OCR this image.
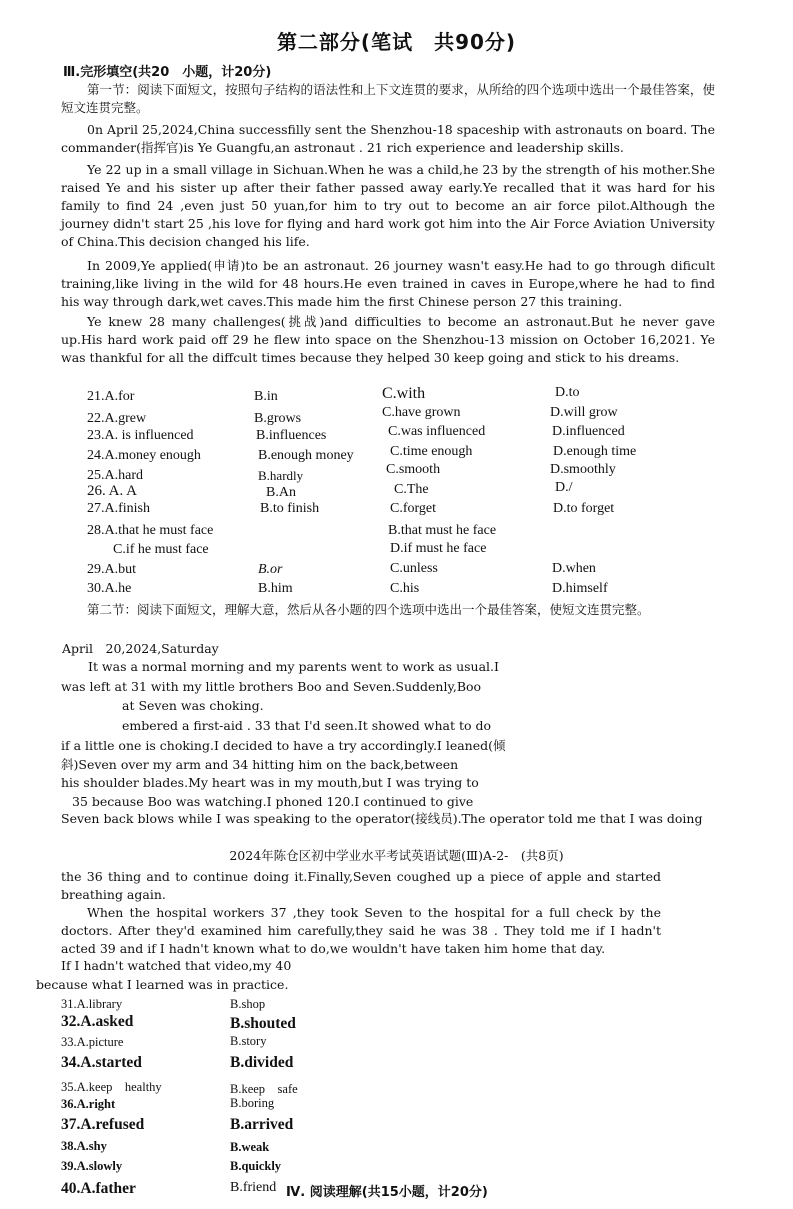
第二部分(笔试　共90分)
Ⅲ.完形填空(共20　小题，计20分)
第一节：阅读下面短文，按照句子结构的语法性和上下文连贯的要求，从所给的四个选项中选出一个最佳答案，使短文连贯完整。
0n April 25,2024,China successfilly sent the Shenzhou-18 spaceship with astronauts on board. The commander(指挥官)is Ye Guangfu,an astronaut . 21 rich experience and leadership skills.
Ye 22 up in a small village in Sichuan.When he was a child,he 23 by the strength of his mother.She raised Ye and his sister up after their father passed away early.Ye recalled that it was hard for his family to find 24 ,even just 50 yuan,for him to try out to become an air force pilot.Although the journey didn't start 25 ,his love for flying and hard work got him into the Air Force Aviation University of China.This decision changed his life.
In 2009,Ye applied(申请)to be an astronaut. 26 journey wasn't easy.He had to go through dificult training,like living in the wild for 48 hours.He even trained in caves in Europe,where he had to find his way through dark,wet caves.This made him the first Chinese person 27 this training.
Ye knew 28 many challenges(挑战)and difficulties to become an astronaut.But he never gave up.His hard work paid off 29 he flew into space on the Shenzhou-13 mission on October 16,2021. Ye was thankful for all the diffcult times because they helped 30 keep going and stick to his dreams.
21.A.for	B.in	C.with	D.to
22.A.grew	B.grows	C.have grown	D.will grow
23.A. is influenced	B.influences	C.was influenced	D.influenced
24.A.money enough	B.enough money	C.time enough	D.enough time
25.A.hard	B.hardly	C.smooth	D.smoothly
26. A. A	B.An	C.The	D./
27.A.finish	B.to finish	C.forget	D.to forget
28.A.that he must face	B.that must he face
C.if he must face	D.if must he face
29.A.but	B.or	C.unless	D.when
30.A.he	B.him	C.his	D.himself
第二节：阅读下面短文，理解大意，然后从各小题的四个选项中选出一个最佳答案，使短文连贯完整。
April　20,2024,Saturday
It was a normal morning and my parents went to work as usual.I
was left at 31 with my little brothers Boo and Seven.Suddenly,Boo
at Seven was choking.
embered a first-aid . 33 that I'd seen.It showed what to do
if a little one is choking.I decided to have a try accordingly.I leaned(倾
斜)Seven over my arm and 34 hitting him on the back,between
his shoulder blades.My heart was in my mouth,but I was trying to
35 because Boo was watching.I phoned 120.I continued to give
Seven back blows while I was speaking to the operator(接线员).The operator told me that I was doing
2024年陈仓区初中学业水平考试英语试题(Ⅲ)A-2-　(共8页)
the 36 thing and to continue doing it.Finally,Seven coughed up a piece of apple and started breathing again.
When the hospital workers 37 ,they took Seven to the hospital for a full check by the doctors. After they'd examined him carefully,they said he was 38 . They told me if I hadn't acted 39 and if I hadn't known what to do,we wouldn't have taken him home that day.
If I hadn't watched that video,my 40
because what I learned was in practice.
31.A.library	B.shop
32.A.asked	B.shouted
33.A.picture	B.story
34.A.started	B.divided
35.A.keep　healthy	B.keep　safe
36.A.right	B.boring
37.A.refused	B.arrived
38.A.shy	B.weak
39.A.slowly	B.quickly
40.A.father	B.friend Ⅳ. 阅读理解(共15小题，计20分)
